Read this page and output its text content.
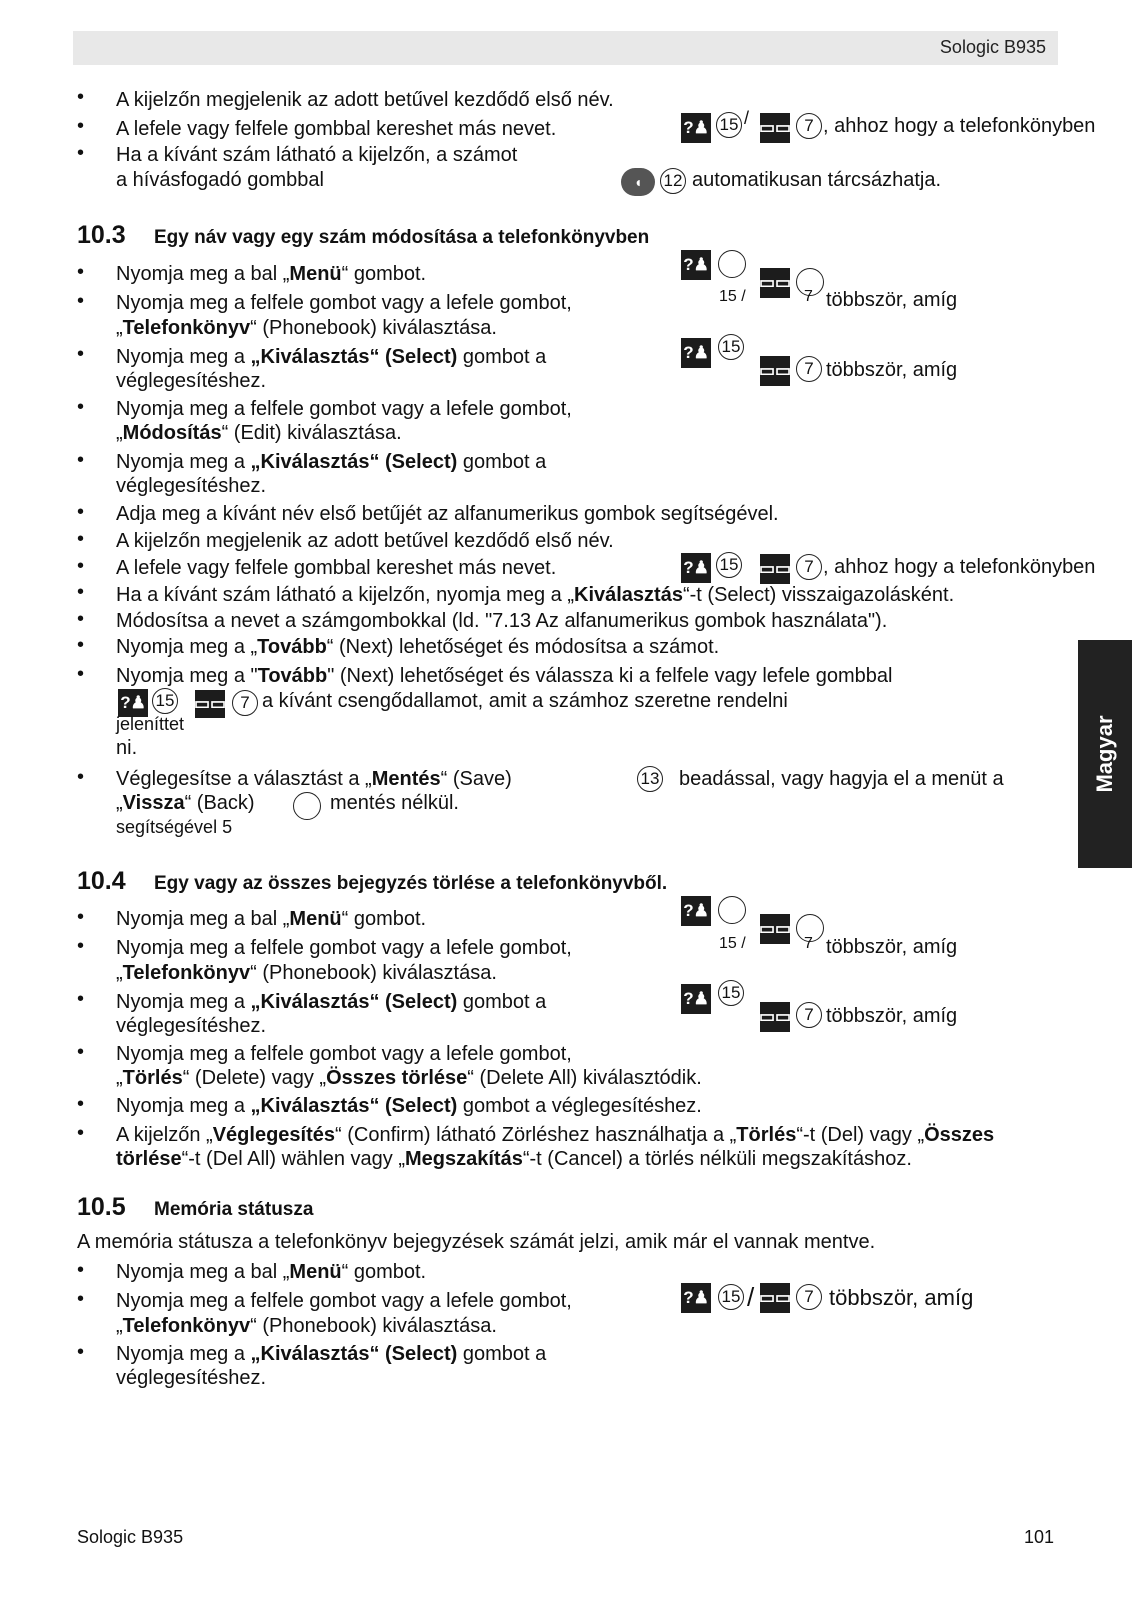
Sologic B935
• A kijelzőn megjelenik az adott betűvel kezdődő első név.
• A lefele vagy felfele gombbal kereshet más nevet.
• Ha a kívánt szám látható a kijelzőn, a számot
a hívásfogadó gombbal
?♟ 15 / ▭▭ 7 , ahhoz hogy a telefonkönyben
◖ 12 automatikusan tárcsázhatja.
10.3 Egy náv vagy egy szám módosítása a telefonkönyvben
• Nyomja meg a bal „Menü“ gombot.
• Nyomja meg a felfele gombot vagy a lefele gombot,
„Telefonkönyv“ (Phonebook) kiválasztása.
• Nyomja meg a „Kiválasztás“ (Select) gombot a
véglegesítéshez.
• Nyomja meg a felfele gombot vagy a lefele gombot,
„Módosítás“ (Edit) kiválasztása.
• Nyomja meg a „Kiválasztás“ (Select) gombot a
véglegesítéshez.
• Adja meg a kívánt név első betűjét az alfanumerikus gombok segítségével.
• A kijelzőn megjelenik az adott betűvel kezdődő első név.
• A lefele vagy felfele gombbal kereshet más nevet.
• Ha a kívánt szám látható a kijelzőn, nyomja meg a „Kiválasztás“-t (Select) visszaigazolásként.
• Módosítsa a nevet a számgombokkal (ld. "7.13 Az alfanumerikus gombok használata").
• Nyomja meg a „Tovább“ (Next) lehetőséget és módosítsa a számot.
• Nyomja meg a "Tovább" (Next) lehetőséget és válassza ki a felfele vagy lefele gombbal
?♟ 15 ▭▭ 7 a kívánt csengődallamot, amit a számhoz szeretne rendelni
jeleníttet
ni.
• Véglegesítse a választást a „Mentés“ (Save)	13 beadással, vagy hagyja el a menüt a
„Vissza“ (Back)	mentés nélkül.
segítségével 5
?♟
15 /
▭▭
7 többször, amíg
?♟ 15
▭▭ 7 többször, amíg
?♟ 15 ▭▭ 7 , ahhoz hogy a telefonkönyben
Magyar
10.4 Egy vagy az összes bejegyzés törlése a telefonkönyvből.
• Nyomja meg a bal „Menü“ gombot.
• Nyomja meg a felfele gombot vagy a lefele gombot,
„Telefonkönyv“ (Phonebook) kiválasztása.
• Nyomja meg a „Kiválasztás“ (Select) gombot a
véglegesítéshez.
• Nyomja meg a felfele gombot vagy a lefele gombot,
„Törlés“ (Delete) vagy „Összes törlése“ (Delete All) kiválasztódik.
• Nyomja meg a „Kiválasztás“ (Select) gombot a véglegesítéshez.
• A kijelzőn „Véglegesítés“ (Confirm) látható Zörléshez használhatja a „Törlés“-t (Del) vagy „Összes
törlése“-t (Del All) wählen vagy „Megszakítás“-t (Cancel) a törlés nélküli megszakításhoz.
?♟
15 /
▭▭
7 többször, amíg
?♟ 15
▭▭ 7 többször, amíg
10.5 Memória státusza
A memória státusza a telefonkönyv bejegyzések számát jelzi, amik már el vannak mentve.
• Nyomja meg a bal „Menü“ gombot.
• Nyomja meg a felfele gombot vagy a lefele gombot,
„Telefonkönyv“ (Phonebook) kiválasztása.
• Nyomja meg a „Kiválasztás“ (Select) gombot a
véglegesítéshez.
?♟ 15 / ▭▭ 7 többször, amíg
Sologic B935	101
